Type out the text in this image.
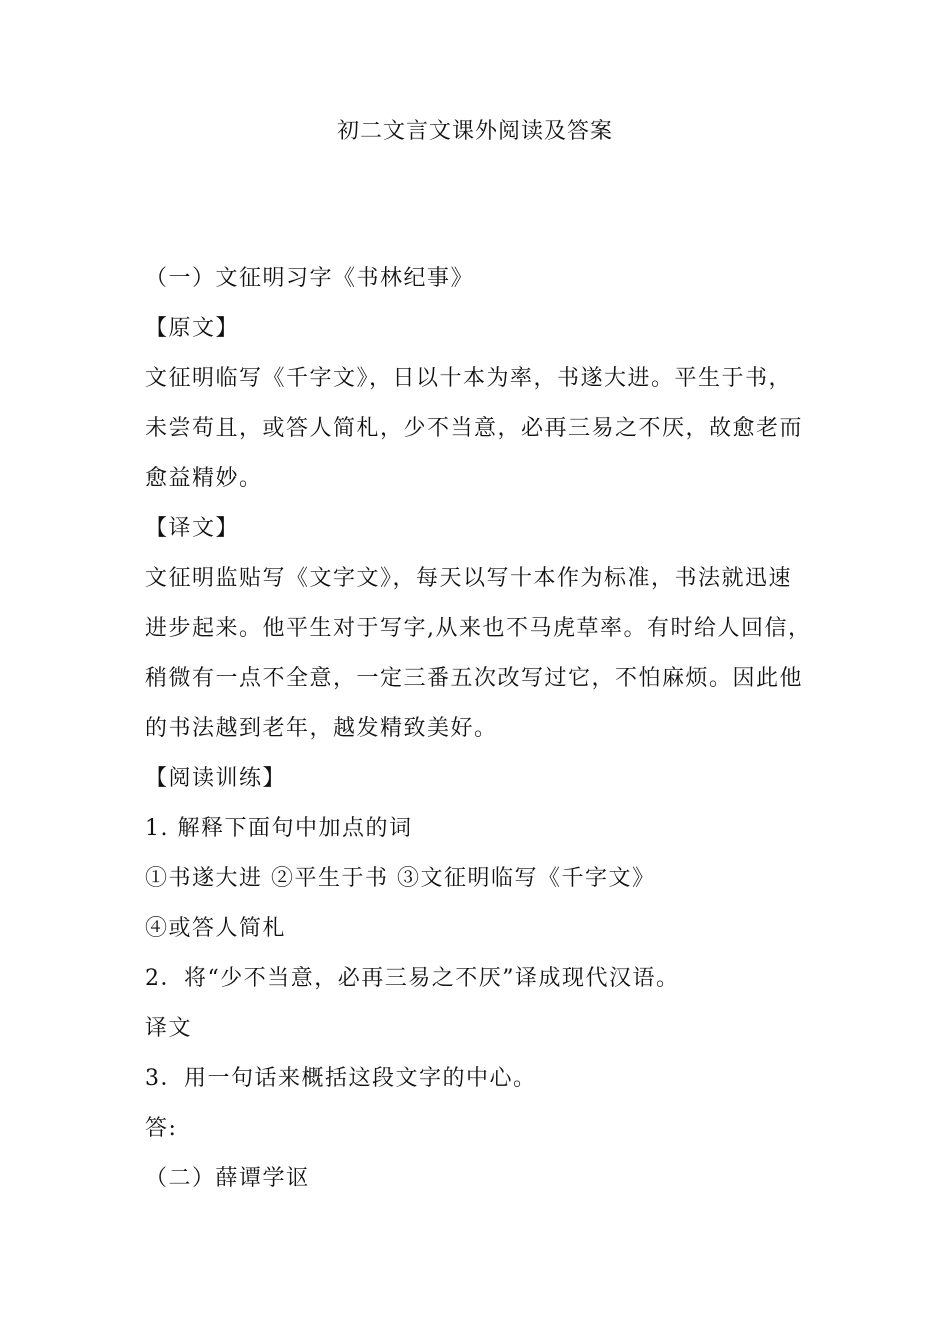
初二文言文课外阅读及答案
（一）文征明习字《书林纪事》
【原文】
文征明临写《千字文》，日以十本为率，书遂大进。平生于书，
未尝苟且，或答人简札，少不当意，必再三易之不厌，故愈老而
愈益精妙。
【译文】
文征明监贴写《文字文》，每天以写十本作为标准，书法就迅速
进步起来。他平生对于写字,从来也不马虎草率。有时给人回信，
稍微有一点不全意，一定三番五次改写过它，不怕麻烦。因此他
的书法越到老年，越发精致美好。
【阅读训练】
1. 解释下面句中加点的词
①书遂大进 ②平生于书 ③文征明临写《千字文》
④或答人简札
2．将“少不当意，必再三易之不厌”译成现代汉语。
译文
3．用一句话来概括这段文字的中心。
答:
（二）薛谭学讴
